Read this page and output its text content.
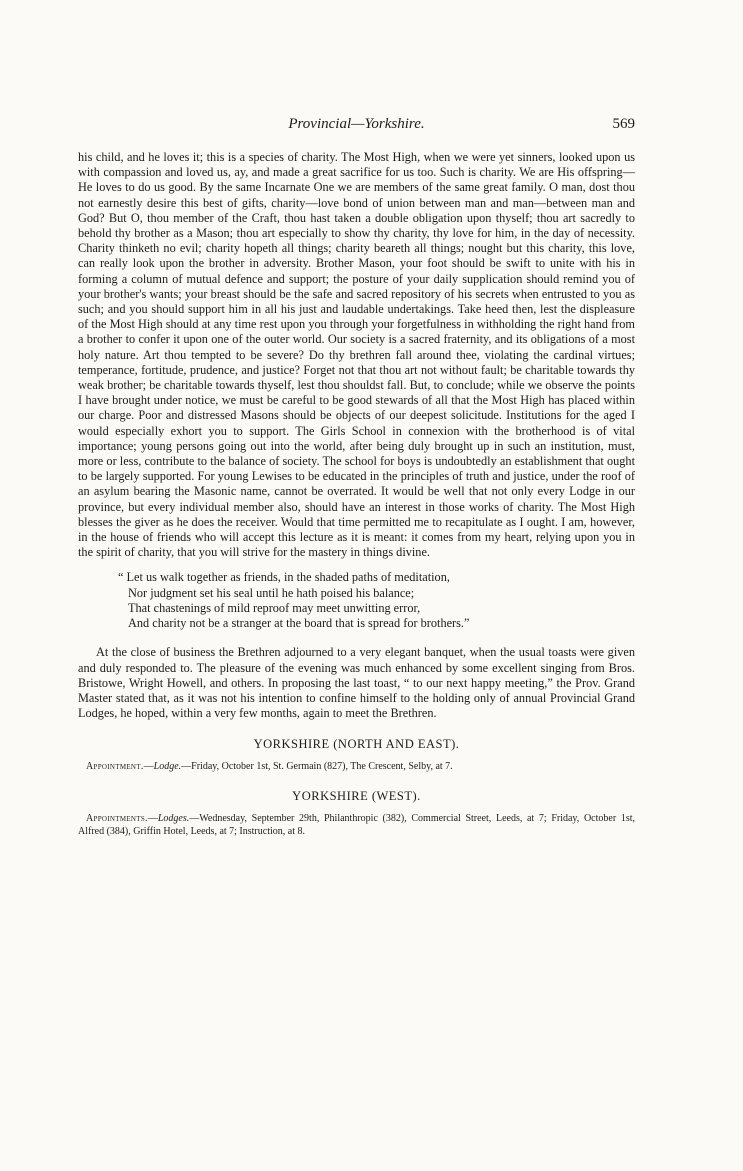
Provincial—Yorkshire.	569

his child, and he loves it; this is a species of charity. The Most High, when we were yet sinners, looked upon us with compassion and loved us, ay, and made a great sacrifice for us too. Such is charity. We are His offspring—He loves to do us good. By the same Incarnate One we are members of the same great family. O man, dost thou not earnestly desire this best of gifts, charity—love bond of union between man and man—between man and God? But O, thou member of the Craft, thou hast taken a double obligation upon thyself; thou art sacredly to behold thy brother as a Mason; thou art especially to show thy charity, thy love for him, in the day of necessity. Charity thinketh no evil; charity hopeth all things; charity beareth all things; nought but this charity, this love, can really look upon the brother in adversity. Brother Mason, your foot should be swift to unite with his in forming a column of mutual defence and support; the posture of your daily supplication should remind you of your brother's wants; your breast should be the safe and sacred repository of his secrets when entrusted to you as such; and you should support him in all his just and laudable undertakings. Take heed then, lest the displeasure of the Most High should at any time rest upon you through your forgetfulness in withholding the right hand from a brother to confer it upon one of the outer world. Our society is a sacred fraternity, and its obligations of a most holy nature. Art thou tempted to be severe? Do thy brethren fall around thee, violating the cardinal virtues; temperance, fortitude, prudence, and justice? Forget not that thou art not without fault; be charitable towards thy weak brother; be charitable towards thyself, lest thou shouldst fall. But, to conclude; while we observe the points I have brought under notice, we must be careful to be good stewards of all that the Most High has placed within our charge. Poor and distressed Masons should be objects of our deepest solicitude. Institutions for the aged I would especially exhort you to support. The Girls School in connexion with the brotherhood is of vital importance; young persons going out into the world, after being duly brought up in such an institution, must, more or less, contribute to the balance of society. The school for boys is undoubtedly an establishment that ought to be largely supported. For young Lewises to be educated in the principles of truth and justice, under the roof of an asylum bearing the Masonic name, cannot be overrated. It would be well that not only every Lodge in our province, but every individual member also, should have an interest in those works of charity. The Most High blesses the giver as he does the receiver. Would that time permitted me to recapitulate as I ought. I am, however, in the house of friends who will accept this lecture as it is meant: it comes from my heart, relying upon you in the spirit of charity, that you will strive for the mastery in things divine.

“ Let us walk together as friends, in the shaded paths of meditation,
Nor judgment set his seal until he hath poised his balance;
That chastenings of mild reproof may meet unwitting error,
And charity not be a stranger at the board that is spread for brothers.”

At the close of business the Brethren adjourned to a very elegant banquet, when the usual toasts were given and duly responded to. The pleasure of the evening was much enhanced by some excellent singing from Bros. Bristowe, Wright Howell, and others. In proposing the last toast, “ to our next happy meeting,” the Prov. Grand Master stated that, as it was not his intention to confine himself to the holding only of annual Provincial Grand Lodges, he hoped, within a very few months, again to meet the Brethren.

YORKSHIRE (NORTH AND EAST).

Appointment.—Lodge.—Friday, October 1st, St. Germain (827), The Crescent, Selby, at 7.

YORKSHIRE (WEST).

Appointments.—Lodges.—Wednesday, September 29th, Philanthropic (382), Commercial Street, Leeds, at 7; Friday, October 1st, Alfred (384), Griffin Hotel, Leeds, at 7; Instruction, at 8.
